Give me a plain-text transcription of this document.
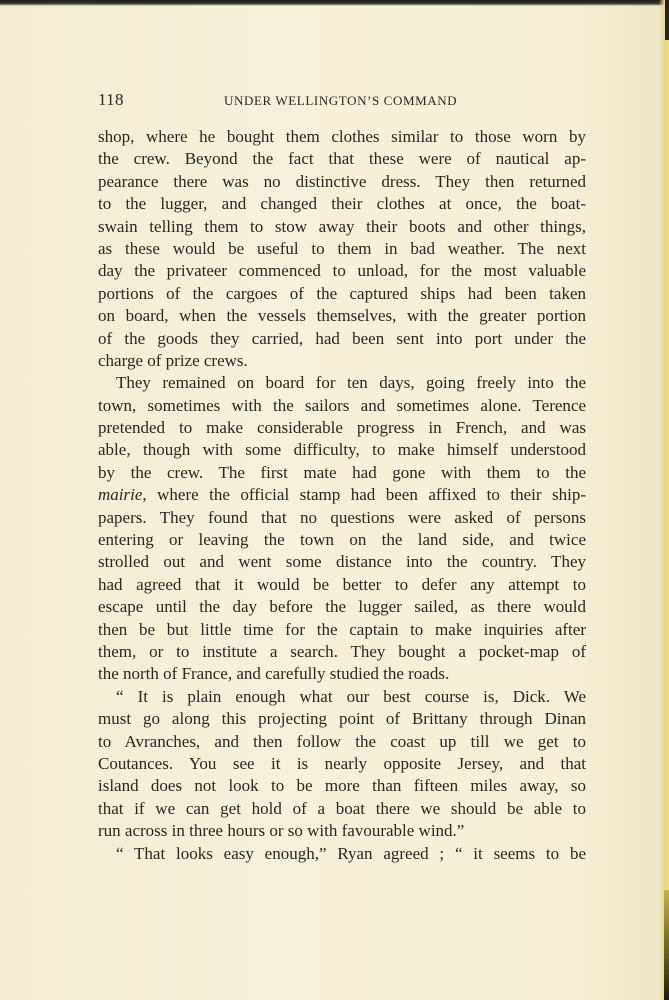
118	UNDER WELLINGTON’S COMMAND
shop, where he bought them clothes similar to those worn by
the crew. Beyond the fact that these were of nautical ap-
pearance there was no distinctive dress. They then returned
to the lugger, and changed their clothes at once, the boat-
swain telling them to stow away their boots and other things,
as these would be useful to them in bad weather. The next
day the privateer commenced to unload, for the most valuable
portions of the cargoes of the captured ships had been taken
on board, when the vessels themselves, with the greater portion
of the goods they carried, had been sent into port under the
charge of prize crews.
They remained on board for ten days, going freely into the
town, sometimes with the sailors and sometimes alone. Terence
pretended to make considerable progress in French, and was
able, though with some difficulty, to make himself understood
by the crew. The first mate had gone with them to the
mairie, where the official stamp had been affixed to their ship-
papers. They found that no questions were asked of persons
entering or leaving the town on the land side, and twice
strolled out and went some distance into the country. They
had agreed that it would be better to defer any attempt to
escape until the day before the lugger sailed, as there would
then be but little time for the captain to make inquiries after
them, or to institute a search. They bought a pocket-map of
the north of France, and carefully studied the roads.
“ It is plain enough what our best course is, Dick. We
must go along this projecting point of Brittany through Dinan
to Avranches, and then follow the coast up till we get to
Coutances. You see it is nearly opposite Jersey, and that
island does not look to be more than fifteen miles away, so
that if we can get hold of a boat there we should be able to
run across in three hours or so with favourable wind.”
“ That looks easy enough,” Ryan agreed ; “ it seems to be
